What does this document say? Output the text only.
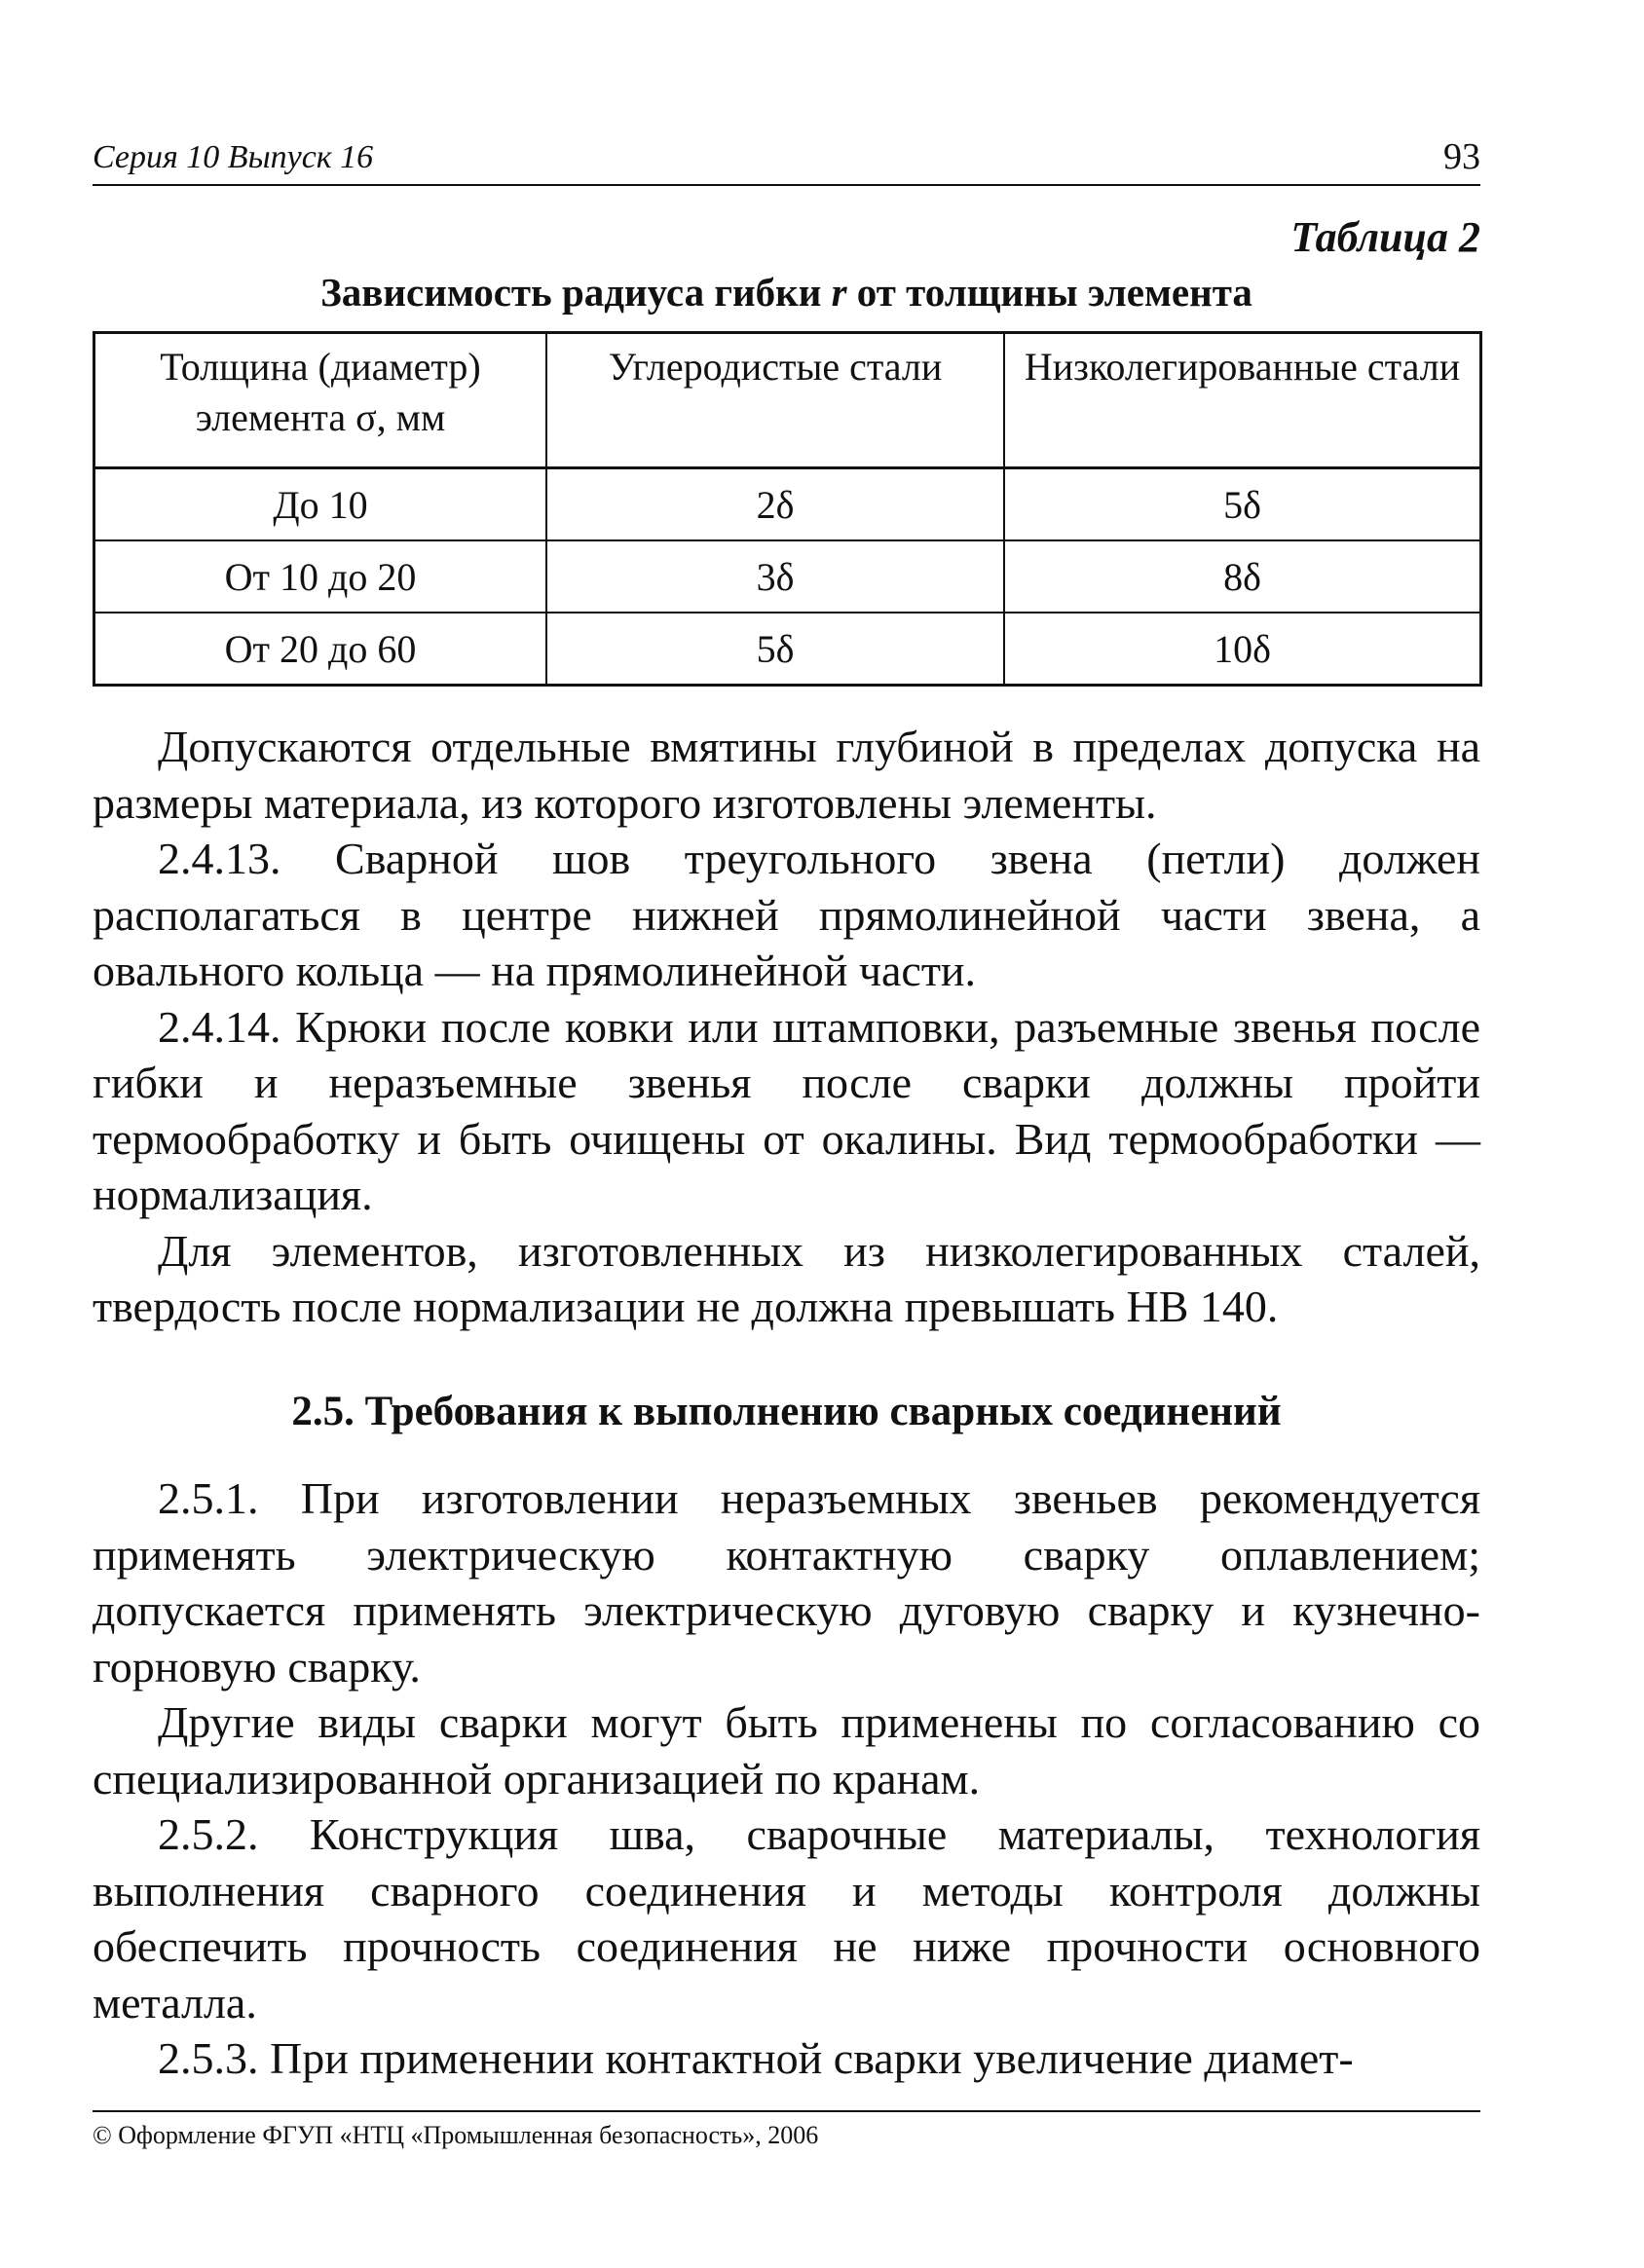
Серия 10 Выпуск 16	93
Таблица 2
Зависимость радиуса гибки r от толщины элемента
Толщина (диаметр) элемента σ, мм	Углеродистые стали	Низколегированные стали
До 10	2δ	5δ
От 10 до 20	3δ	8δ
От 20 до 60	5δ	10δ

Допускаются отдельные вмятины глубиной в пределах допуска на размеры материала, из которого изготовлены элементы.

2.4.13. Сварной шов треугольного звена (петли) должен располагаться в центре нижней прямолинейной части звена, а овального кольца — на прямолинейной части.

2.4.14. Крюки после ковки или штамповки, разъемные звенья после гибки и неразъемные звенья после сварки должны пройти термообработку и быть очищены от окалины. Вид термообработки — нормализация.

Для элементов, изготовленных из низколегированных сталей, твердость после нормализации не должна превышать НВ 140.

2.5. Требования к выполнению сварных соединений

2.5.1. При изготовлении неразъемных звеньев рекомендуется применять электрическую контактную сварку оплавлением; допускается применять электрическую дуговую сварку и кузнечно-горновую сварку.

Другие виды сварки могут быть применены по согласованию со специализированной организацией по кранам.

2.5.2. Конструкция шва, сварочные материалы, технология выполнения сварного соединения и методы контроля должны обеспечить прочность соединения не ниже прочности основного металла.

2.5.3. При применении контактной сварки увеличение диамет-

© Оформление ФГУП «НТЦ «Промышленная безопасность», 2006
